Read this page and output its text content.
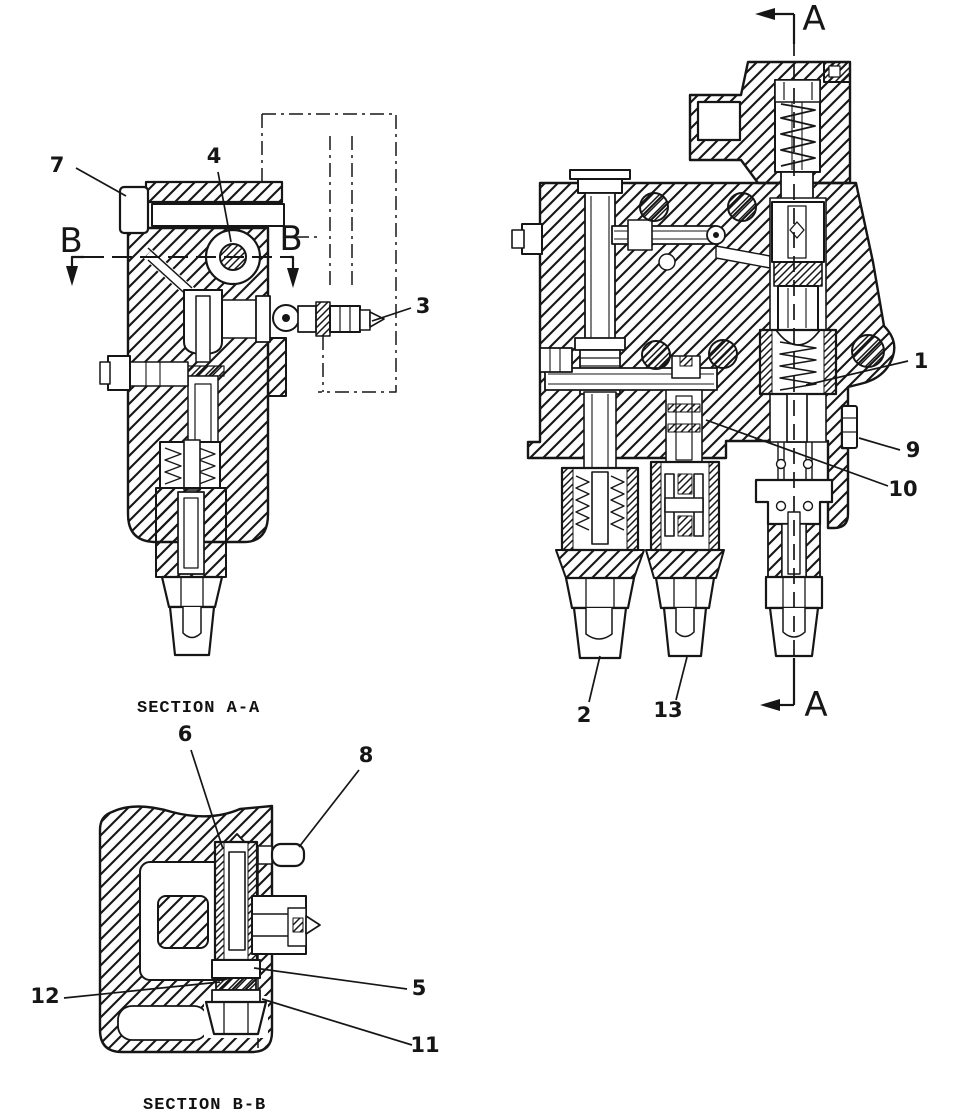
A
A
B	B
SECTION A-A
SECTION B-B
1
2
3
4
5
6
7
8
9
10
11
12
13
